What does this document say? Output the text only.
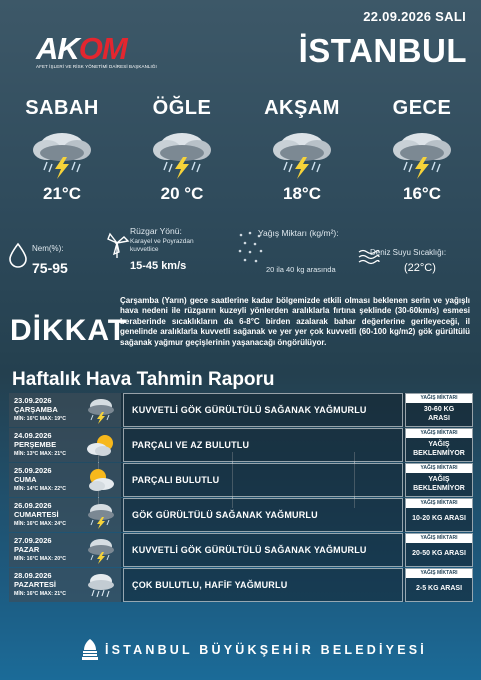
22.09.2026 SALI
AKOM
AFET İŞLERİ VE RİSK YÖNETİMİ DAİRESİ BAŞKANLIĞI	İSTANBUL
SABAH
21°C
ÖĞLE
20 °C
AKŞAM
18°C
GECE
16°C
Nem(%):
75-95
Rüzgar Yönü:
Karayel ve Poyrazdan kuvvetlice
15-45 km/s
Yağış Miktarı (kg/m²):
20 ila 40 kg arasında
Deniz Suyu Sıcaklığı:
(22°C)
Çarşamba (Yarın) gece saatlerine kadar bölgemizde etkili olması beklenen serin ve yağışlı hava nedeni ile rüzgarın kuzeyli yönlerden aralıklarla fırtına şeklinde (30-60km/s) esmesi beraberinde sıcaklıkların da 6-8°C birden azalarak bahar değerlerine gerileyeceği, il genelinde aralıklarla kuvvetli sağanak ve yer yer çok kuvvetli (60-100 kg/m2) gök gürültülü sağanak yağmur geçişlerinin yaşanacağı öngörülüyor.
DİKKAT
Haftalık Hava Tahmin Raporu
23.09.2026
ÇARŞAMBA
MİN: 16°C MAX: 19°C
KUVVETLİ GÖK GÜRÜLTÜLÜ SAĞANAK YAĞMURLU
YAĞIŞ MİKTARI
30-60 KG
ARASI
24.09.2026
PERŞEMBE
MİN: 13°C MAX: 21°C
PARÇALI VE AZ BULUTLU
YAĞIŞ MİKTARI
YAĞIŞ
BEKLENMİYOR
25.09.2026
CUMA
MİN: 14°C MAX: 22°C
PARÇALI BULUTLU
YAĞIŞ MİKTARI
YAĞIŞ
BEKLENMİYOR
26.09.2026
CUMARTESİ
MİN: 16°C MAX: 24°C
GÖK GÜRÜLTÜLÜ SAĞANAK YAĞMURLU
YAĞIŞ MİKTARI
10-20 KG ARASI
27.09.2026
PAZAR
MİN: 16°C MAX: 20°C
KUVVETLİ GÖK GÜRÜLTÜLÜ SAĞANAK YAĞMURLU
YAĞIŞ MİKTARI
20-50 KG ARASI
28.09.2026
PAZARTESİ
MİN: 16°C MAX: 21°C
ÇOK BULUTLU, HAFİF YAĞMURLU
YAĞIŞ MİKTARI
2-5 KG ARASI
İSTANBUL BÜYÜKŞEHİR BELEDİYESİ
